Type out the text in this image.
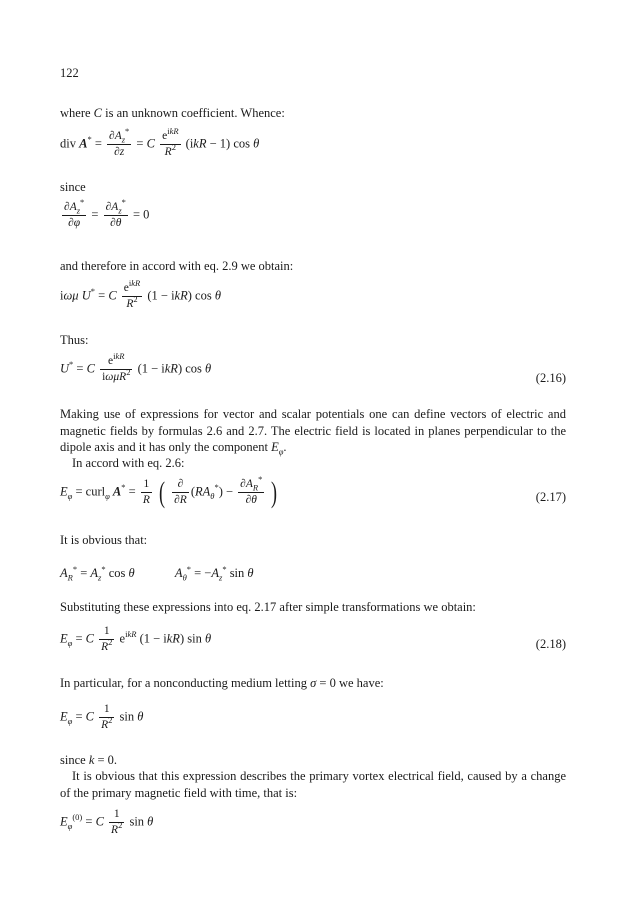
122
where C is an unknown coefficient. Whence:
div $A^* = \frac{\partial A_z^*}{\partial z} = C \frac{e^{ikR}}{R^2} (ikR - 1)$ cos θ
since
$\frac{\partial A_z^*}{\partial\varphi} = \frac{\partial A_z^*}{\partial\theta} = 0$
and therefore in accord with eq. 2.9 we obtain:
iωμ U* = C $\frac{e^{ikR}}{R^2} (1 - ikR)$ cos θ
Thus:
U* = C $\frac{e^{ikR}}{i\omega\mu R^2} (1 - ikR)$ cos θ
(2.16)
Making use of expressions for vector and scalar potentials one can define vectors of electric and magnetic fields by formulas 2.6 and 2.7. The electric field is located in planes perpendicular to the dipole axis and it has only the component $E_\varphi$.
In accord with eq. 2.6:
$E_\varphi$ = curl$_\varphi$ $A^* = \frac{1}{R}$ ( $\frac{\partial}{\partial R} (RA_\theta^*) - \frac{\partial A_R^*}{\partial\theta}$ )	(2.17)
It is obvious that:
$A_R^* = A_z^*$ cos θ	$A_\theta^* = -A_z^*$ sin θ
Substituting these expressions into eq. 2.17 after simple transformations we obtain:
$E_\varphi = C \frac{1}{R^2} e^{ikR}$ (1 − ikR) sin θ	(2.18)
In particular, for a nonconducting medium letting σ = 0 we have:
$E_\varphi = C \frac{1}{R^2}$ sin θ
since k = 0.
It is obvious that this expression describes the primary vortex electrical field, caused by a change of the primary magnetic field with time, that is:
$E_\varphi^{(0)} = C \frac{1}{R^2}$ sin θ
